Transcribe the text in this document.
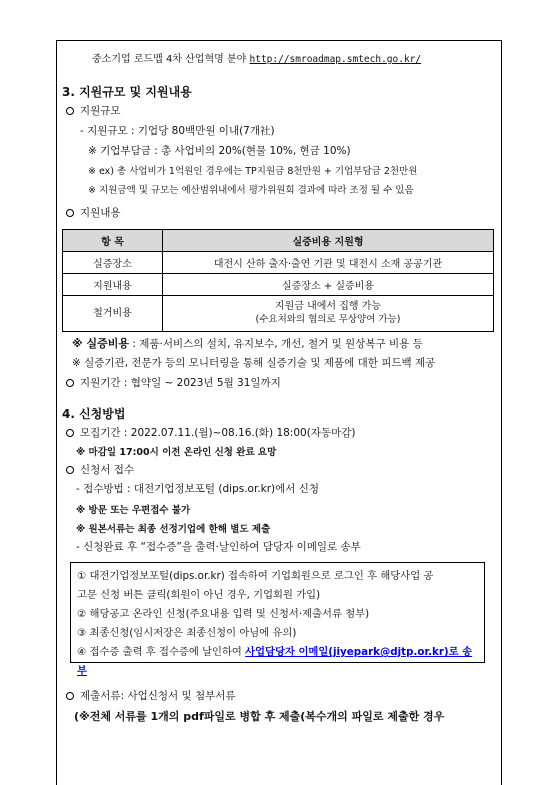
중소기업 로드맵 4차 산업혁명 분야 http://smroadmap.smtech.go.kr/
3. 지원규모 및 지원내용
지원규모
- 지원규모 : 기업당 80백만원 이내(7개社)
※ 기업부담금 : 총 사업비의 20%(현물 10%, 현금 10%)
※ ex) 총 사업비가 1억원인 경우에는 TP지원금 8천만원 + 기업부담금 2천만원
※ 지원금액 및 규모는 예산범위내에서 평가위원회 결과에 따라 조정 될 수 있음
지원내용
항 목	실증비용 지원형
실증장소	대전시 산하 출자·출연 기관 및 대전시 소재 공공기관
지원내용	실증장소 + 실증비용
철거비용	지원금 내에서 집행 가능
(수요처와의 협의로 무상양여 가능)
※ 실증비용 : 제품·서비스의 설치, 유지보수, 개선, 철거 및 원상복구 비용 등
※ 실증기관, 전문가 등의 모니터링을 통해 실증기술 및 제품에 대한 피드백 제공
지원기간 : 협약일 ~ 2023년 5월 31일까지
4. 신청방법
모집기간 : 2022.07.11.(월)~08.16.(화) 18:00(자동마감)
※ 마감일 17:00시 이전 온라인 신청 완료 요망
신청서 접수
- 접수방법 : 대전기업정보포털 (dips.or.kr)에서 신청
※ 방문 또는 우편접수 불가
※ 원본서류는 최종 선정기업에 한해 별도 제출
- 신청완료 후 “접수증”을 출력·날인하여 담당자 이메일로 송부
① 대전기업정보포털(dips.or.kr) 접속하여 기업회원으로 로그인 후 해당사업 공
고문 신청 버튼 클릭(회원이 아닌 경우, 기업회원 가입)
② 해당공고 온라인 신청(주요내용 입력 및 신청서·제출서류 첨부)
③ 최종신청(임시저장은 최종신청이 아님에 유의)
④ 접수증 출력 후 접수증에 날인하여 사업담당자 이메일(jiyepark@djtp.or.kr)로 송부
제출서류: 사업신청서 및 첨부서류
(※전체 서류를 1개의 pdf파일로 병합 후 제출(복수개의 파일로 제출한 경우
